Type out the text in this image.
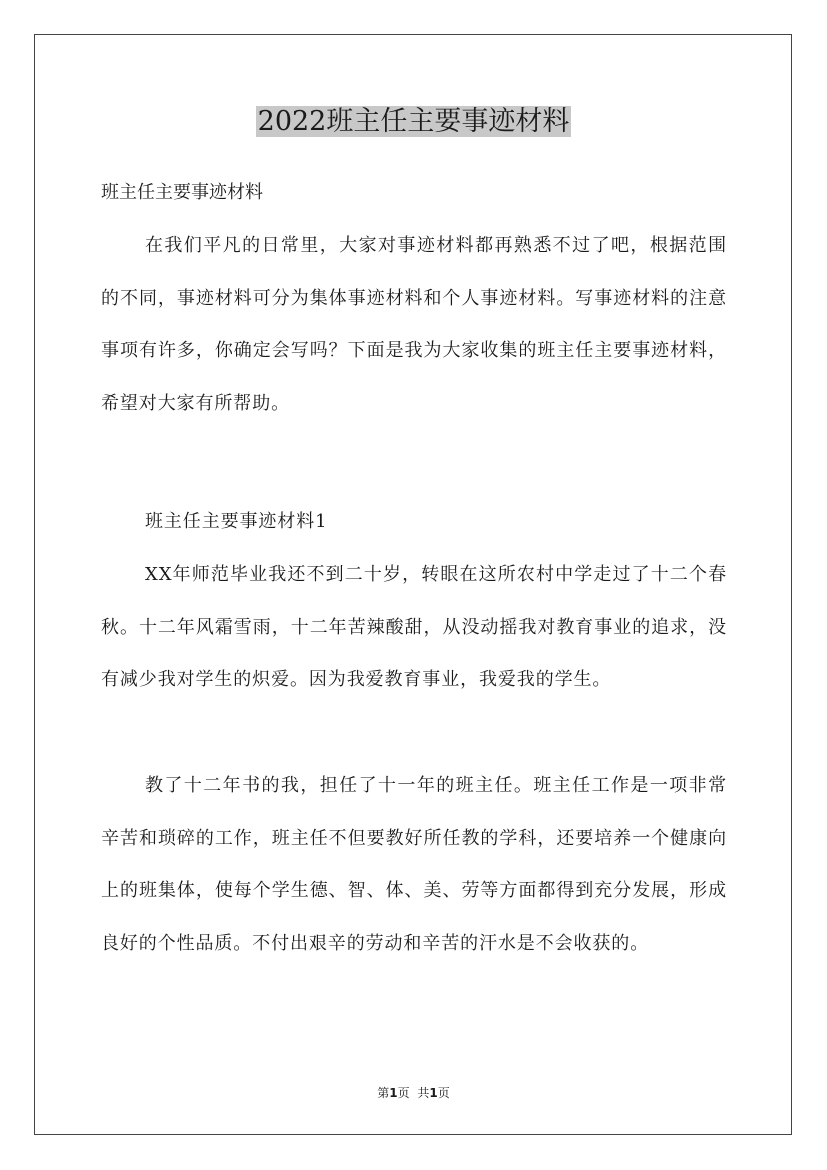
2022班主任主要事迹材料

班主任主要事迹材料

在我们平凡的日常里，大家对事迹材料都再熟悉不过了吧，根据范围的不同，事迹材料可分为集体事迹材料和个人事迹材料。写事迹材料的注意事项有许多，你确定会写吗？下面是我为大家收集的班主任主要事迹材料，希望对大家有所帮助。

班主任主要事迹材料1

XX年师范毕业我还不到二十岁，转眼在这所农村中学走过了十二个春秋。十二年风霜雪雨，十二年苦辣酸甜，从没动摇我对教育事业的追求，没有减少我对学生的炽爱。因为我爱教育事业，我爱我的学生。

教了十二年书的我，担任了十一年的班主任。班主任工作是一项非常辛苦和琐碎的工作，班主任不但要教好所任教的学科，还要培养一个健康向上的班集体，使每个学生德、智、体、美、劳等方面都得到充分发展，形成良好的个性品质。不付出艰辛的劳动和辛苦的汗水是不会收获的。

第1页 共1页
